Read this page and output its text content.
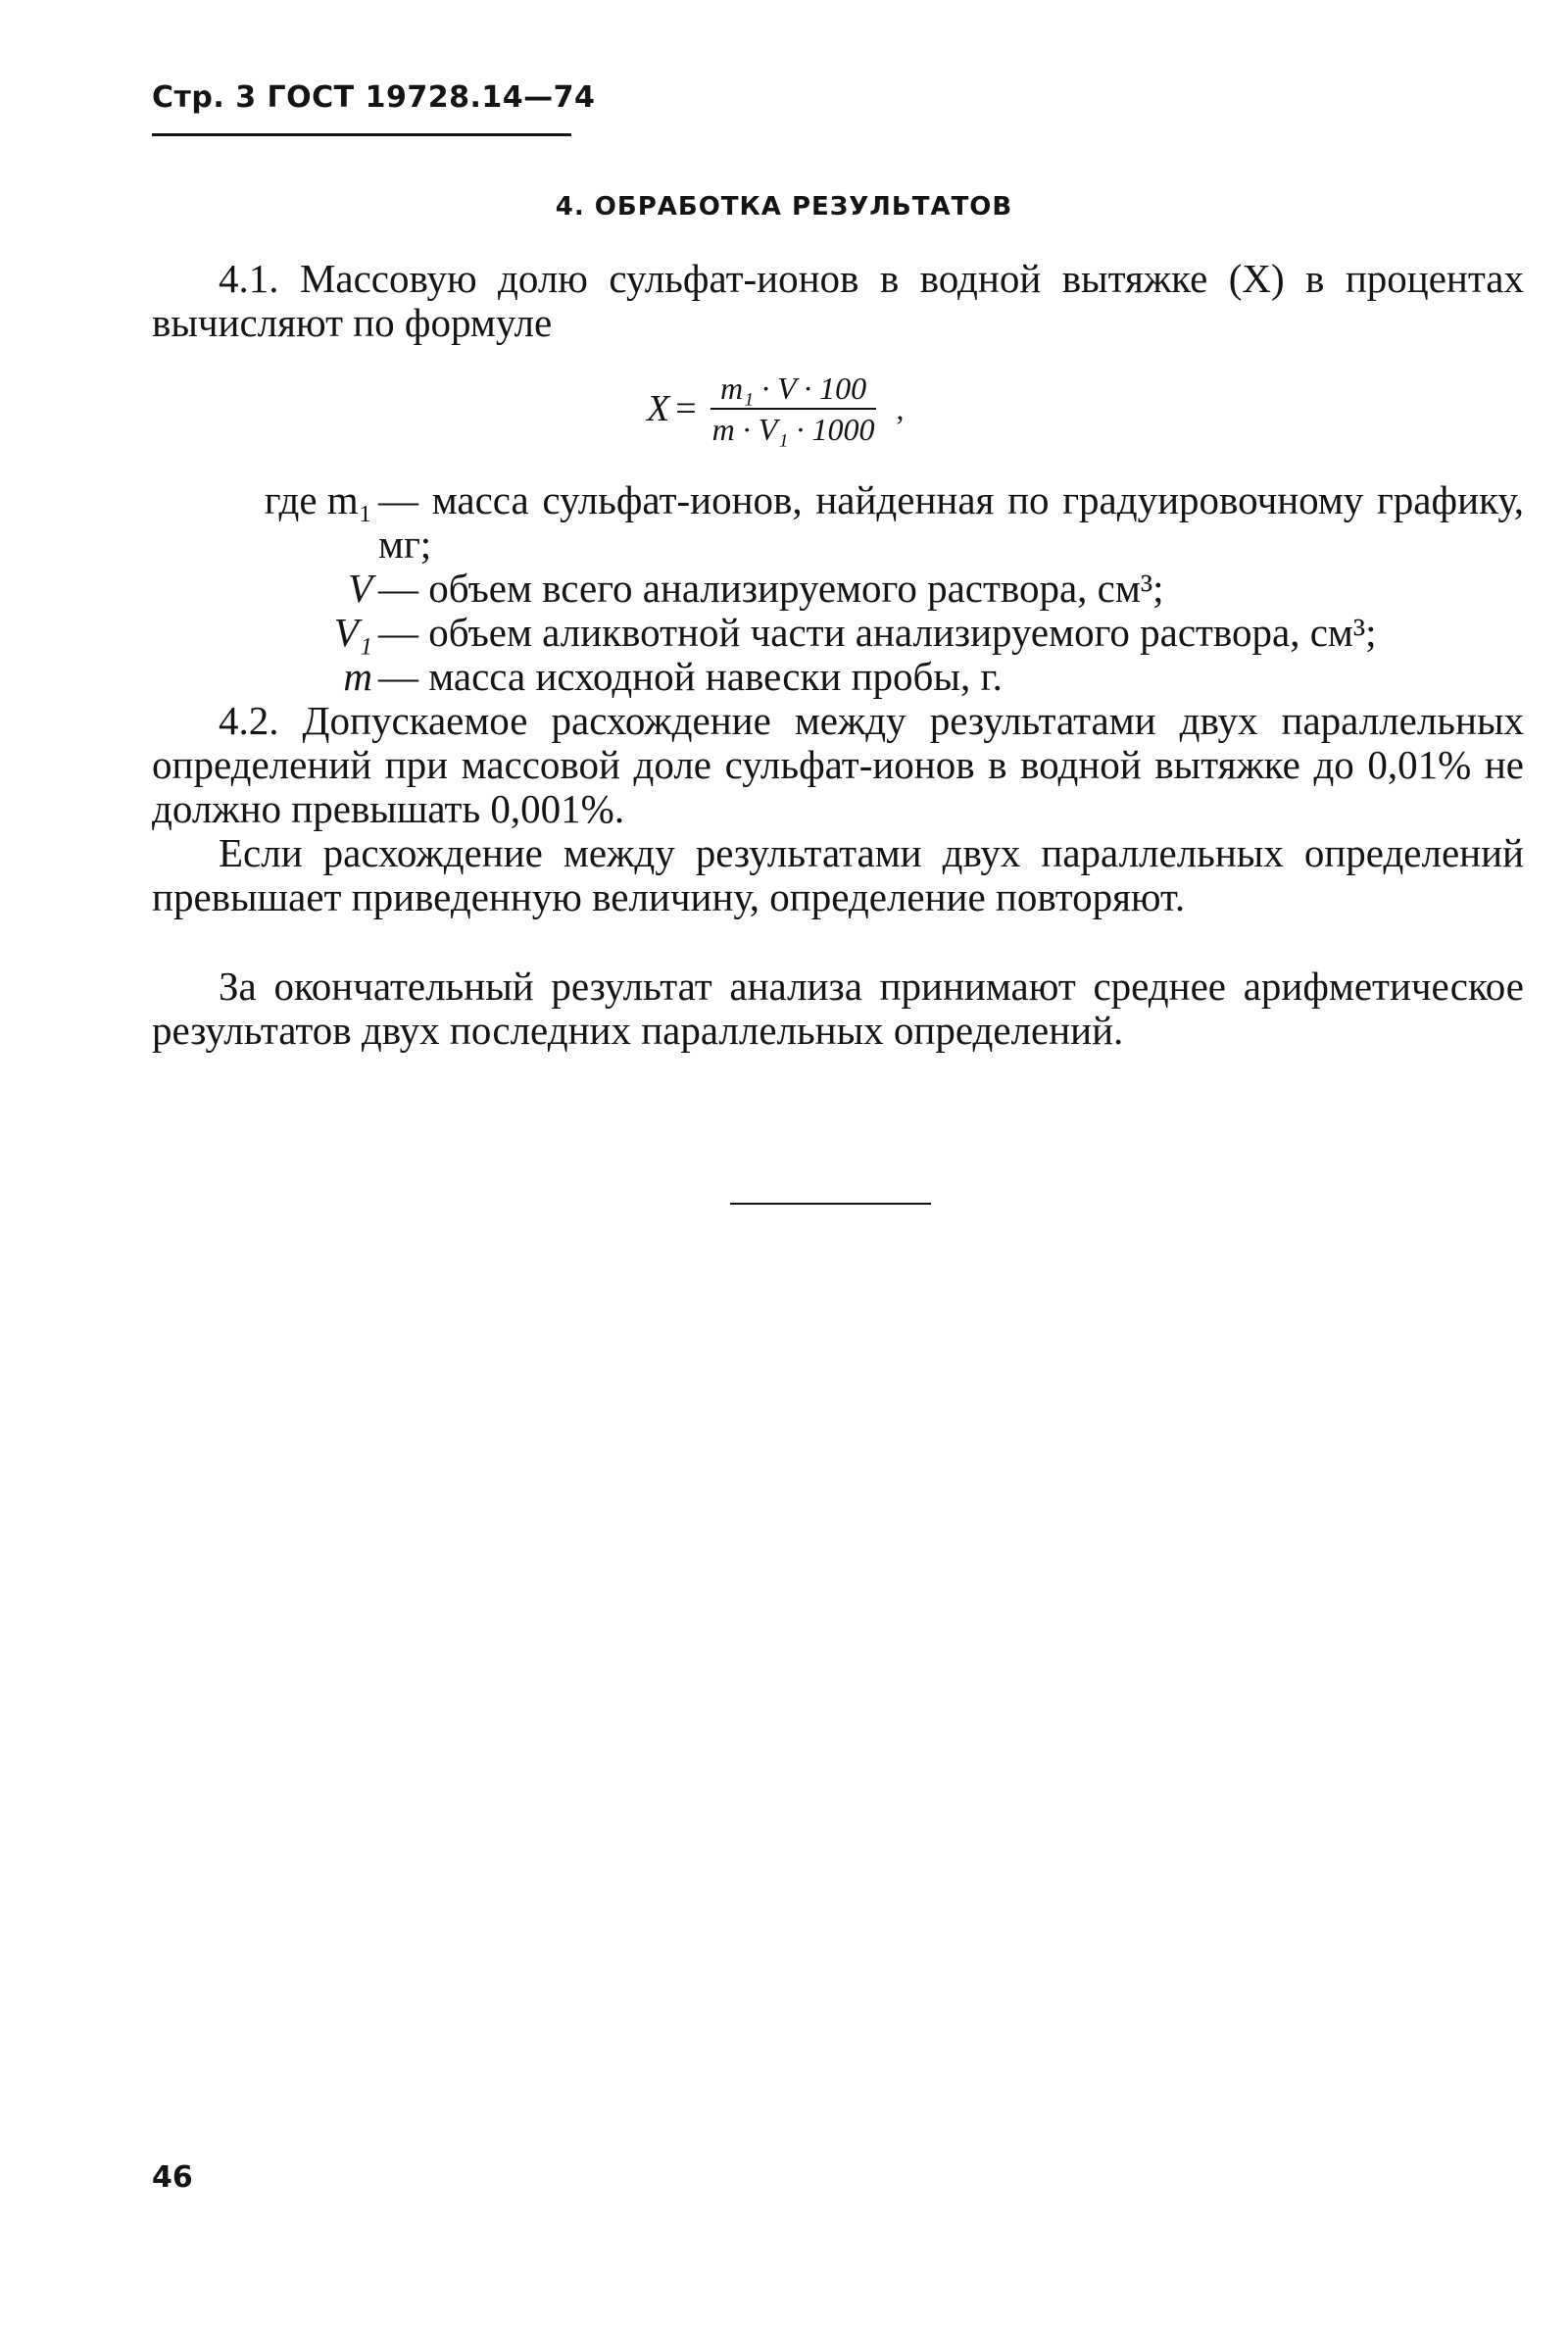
Стр. 3 ГОСТ 19728.14—74
4. ОБРАБОТКА РЕЗУЛЬТАТОВ

4.1. Массовую долю сульфат-ионов в водной вытяжке (X) в процентах вычисляют по формуле

$X = \frac{\text{m₁ · V · 100}}{\text{m · V₁ · 1000}}$ ,
где m₁ — масса сульфат-ионов, найденная по градуировочному графику, мг;
V — объем всего анализируемого раствора, см³;
V₁ — объем аликвотной части анализируемого раствора, см³;
m — масса исходной навески пробы, г.

4.2. Допускаемое расхождение между результатами двух параллельных определений при массовой доле сульфат-ионов в водной вытяжке до 0,01% не должно превышать 0,001%.

Если расхождение между результатами двух параллельных определений превышает приведенную величину, определение повторяют.

За окончательный результат анализа принимают среднее арифметическое результатов двух последних параллельных определений.

46
